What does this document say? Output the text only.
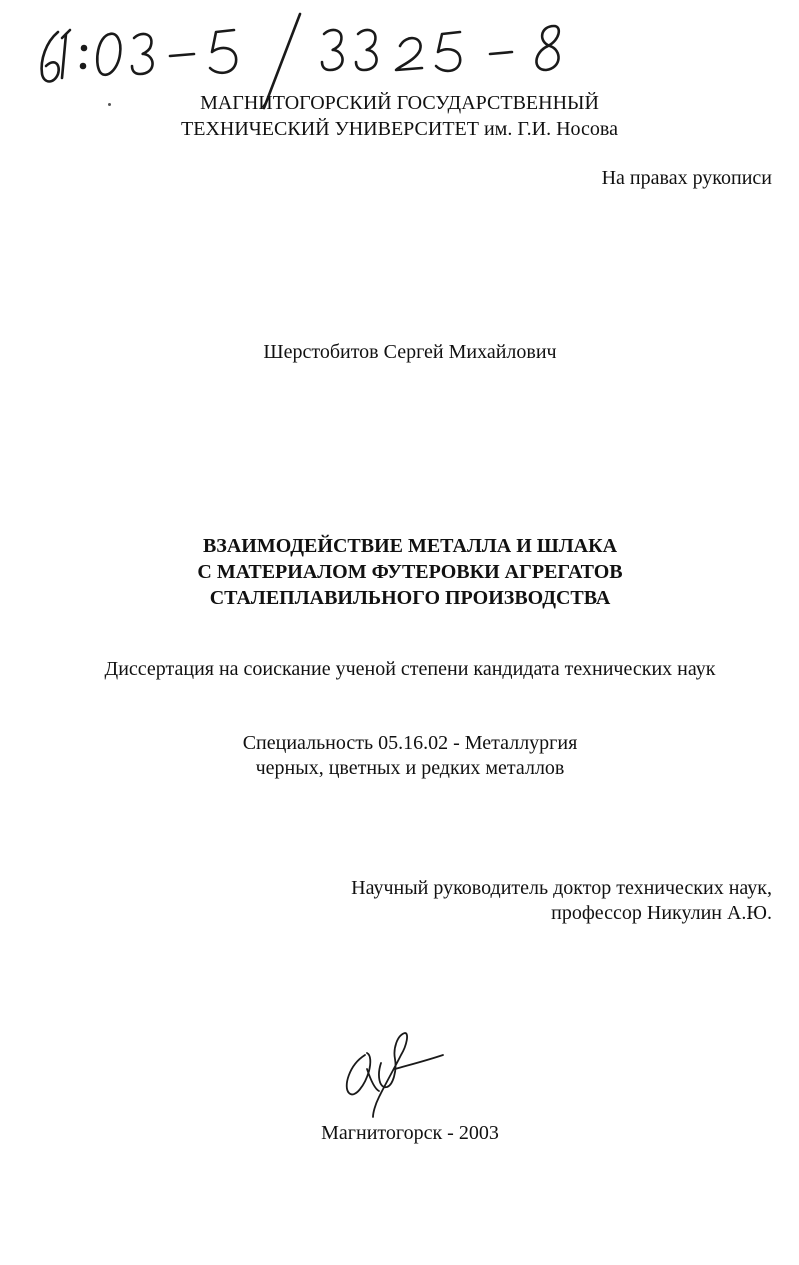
МАГНИТОГОРСКИЙ ГОСУДАРСТВЕННЫЙ
ТЕХНИЧЕСКИЙ УНИВЕРСИТЕТ им. Г.И. Носова
На правах рукописи
Шерстобитов Сергей Михайлович
ВЗАИМОДЕЙСТВИЕ МЕТАЛЛА И ШЛАКА
С МАТЕРИАЛОМ ФУТЕРОВКИ АГРЕГАТОВ
СТАЛЕПЛАВИЛЬНОГО ПРОИЗВОДСТВА
Диссертация на соискание ученой степени кандидата технических наук
Специальность 05.16.02 - Металлургия
черных, цветных и редких металлов
Научный руководитель доктор технических наук,
профессор Никулин А.Ю.
Магнитогорск - 2003
